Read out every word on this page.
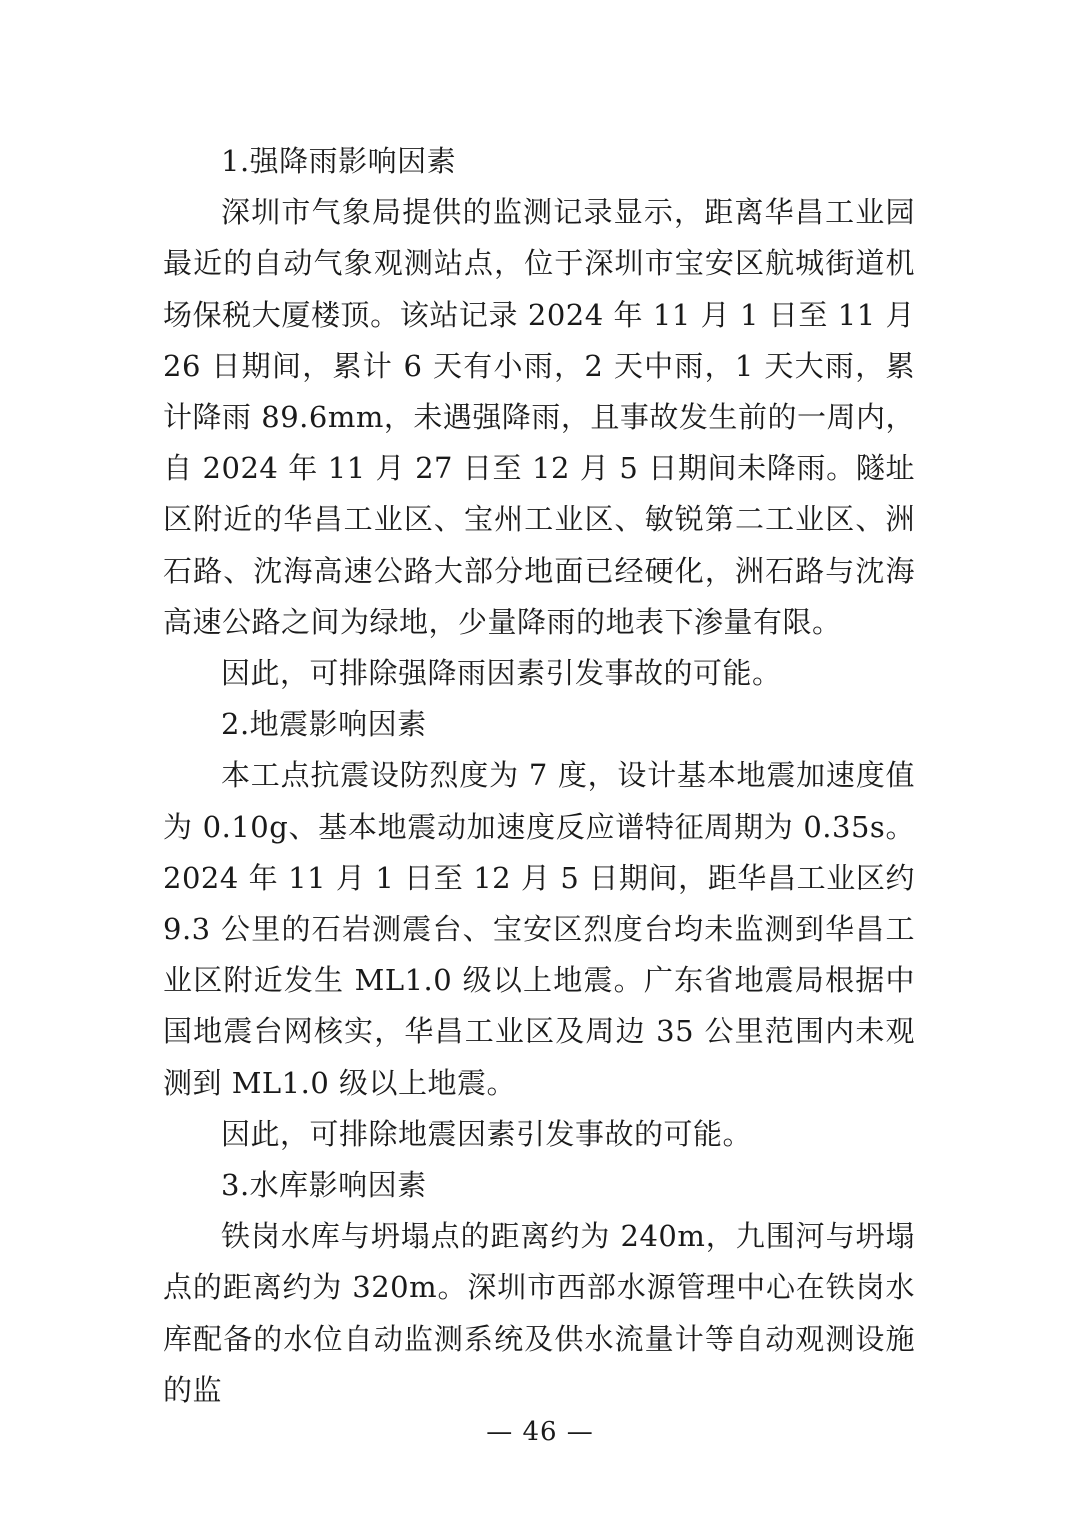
1.强降雨影响因素

深圳市气象局提供的监测记录显示，距离华昌工业园最近的自动气象观测站点，位于深圳市宝安区航城街道机场保税大厦楼顶。该站记录 2024 年 11 月 1 日至 11 月 26 日期间，累计 6 天有小雨，2 天中雨，1 天大雨，累计降雨 89.6mm，未遇强降雨，且事故发生前的一周内，自 2024 年 11 月 27 日至 12 月 5 日期间未降雨。隧址区附近的华昌工业区、宝州工业区、敏锐第二工业区、洲石路、沈海高速公路大部分地面已经硬化，洲石路与沈海高速公路之间为绿地，少量降雨的地表下渗量有限。

因此，可排除强降雨因素引发事故的可能。

2.地震影响因素

本工点抗震设防烈度为 7 度，设计基本地震加速度值为 0.10g、基本地震动加速度反应谱特征周期为 0.35s。2024 年 11 月 1 日至 12 月 5 日期间，距华昌工业区约 9.3 公里的石岩测震台、宝安区烈度台均未监测到华昌工业区附近发生 ML1.0 级以上地震。广东省地震局根据中国地震台网核实，华昌工业区及周边 35 公里范围内未观测到 ML1.0 级以上地震。

因此，可排除地震因素引发事故的可能。

3.水库影响因素

铁岗水库与坍塌点的距离约为 240m，九围河与坍塌点的距离约为 320m。深圳市西部水源管理中心在铁岗水库配备的水位自动监测系统及供水流量计等自动观测设施的监

— 46 —
